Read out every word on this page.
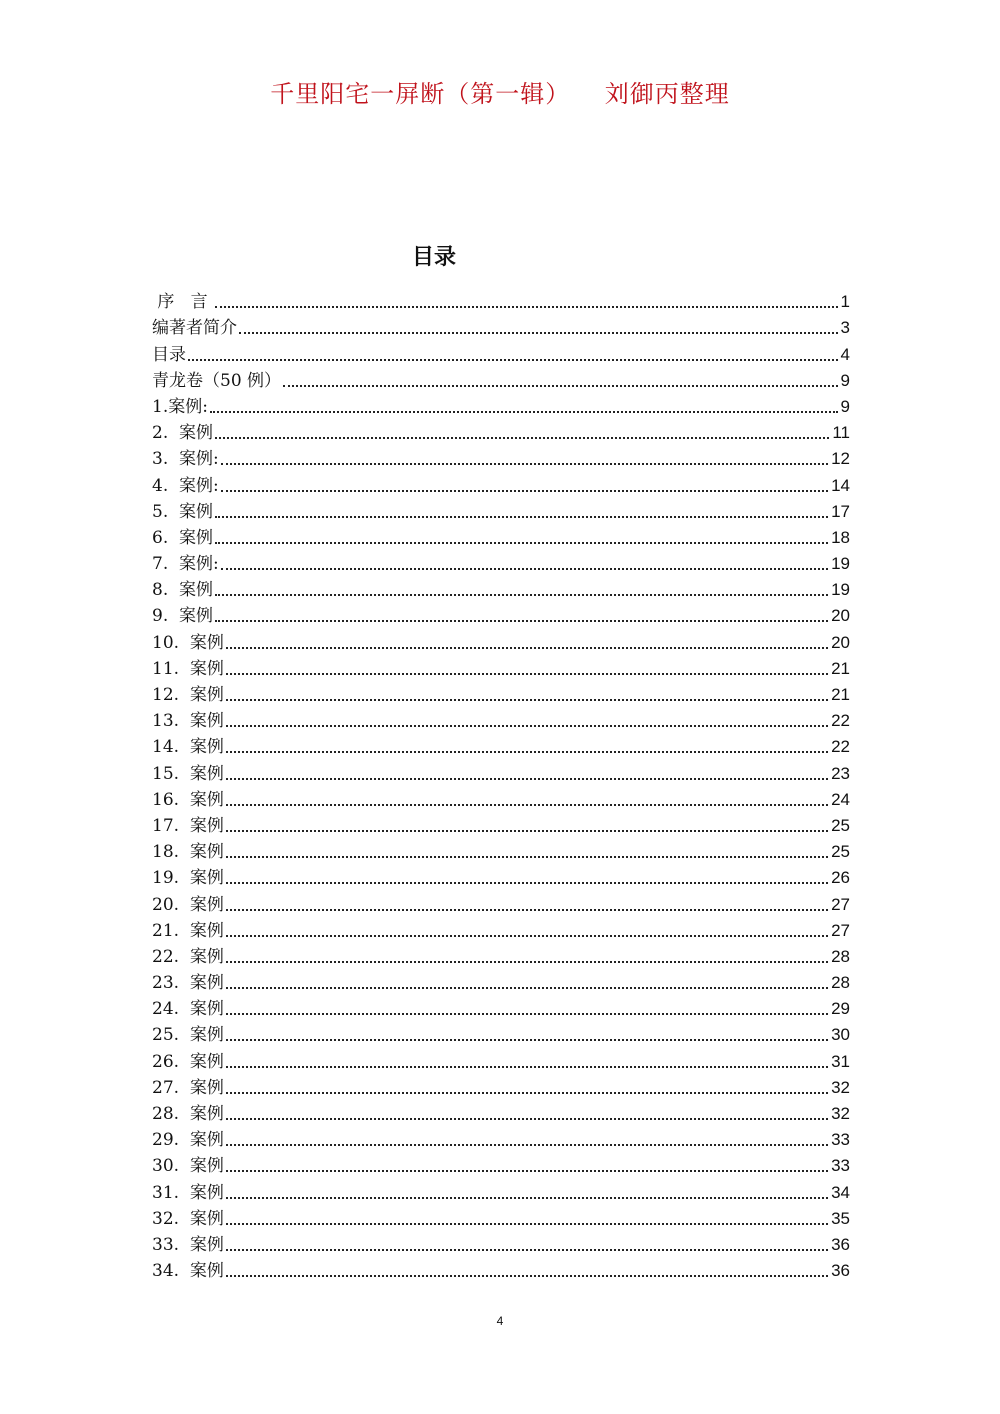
千里阳宅一屏断（第一辑）    刘御丙整理
目录
序   言	1
编著者简介	3
目录	4
青龙卷（50 例）	9
1.案例:	9
2.  案例	11
3.  案例:	12
4.  案例:	14
5.  案例	17
6.  案例	18
7.  案例:	19
8.  案例	19
9.  案例	20
10.  案例	20
11.  案例	21
12.  案例	21
13.  案例	22
14.  案例	22
15.  案例	23
16.  案例	24
17.  案例	25
18.  案例	25
19.  案例	26
20.  案例	27
21.  案例	27
22.  案例	28
23.  案例	28
24.  案例	29
25.  案例	30
26.  案例	31
27.  案例	32
28.  案例	32
29.  案例	33
30.  案例	33
31.  案例	34
32.  案例	35
33.  案例	36
34.  案例	36
4
